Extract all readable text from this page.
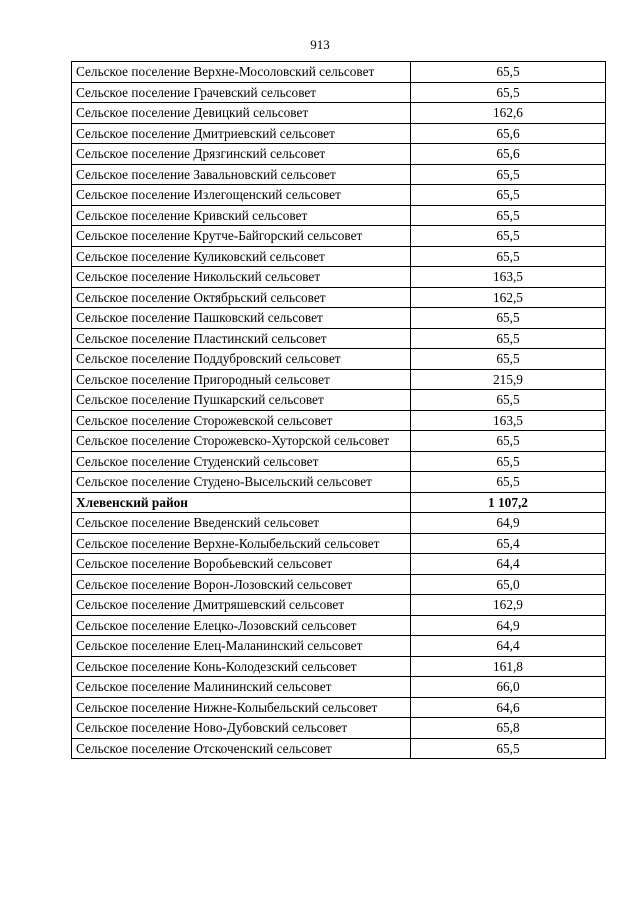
913
Сельское поселение Верхне-Мосоловский сельсовет	65,5
Сельское поселение Грачевский сельсовет	65,5
Сельское поселение Девицкий сельсовет	162,6
Сельское поселение Дмитриевский сельсовет	65,6
Сельское поселение Дрязгинский сельсовет	65,6
Сельское поселение Завальновский сельсовет	65,5
Сельское поселение Излегощенский сельсовет	65,5
Сельское поселение Кривский сельсовет	65,5
Сельское поселение Крутче-Байгорский сельсовет	65,5
Сельское поселение Куликовский сельсовет	65,5
Сельское поселение Никольский сельсовет	163,5
Сельское поселение Октябрьский сельсовет	162,5
Сельское поселение Пашковский сельсовет	65,5
Сельское поселение Пластинский сельсовет	65,5
Сельское поселение Поддубровский сельсовет	65,5
Сельское поселение Пригородный сельсовет	215,9
Сельское поселение Пушкарский сельсовет	65,5
Сельское поселение Сторожевской сельсовет	163,5
Сельское поселение Сторожевско-Хуторской сельсовет	65,5
Сельское поселение Студенский сельсовет	65,5
Сельское поселение Студено-Высельский сельсовет	65,5
Хлевенский район	1 107,2
Сельское поселение Введенский сельсовет	64,9
Сельское поселение Верхне-Колыбельский сельсовет	65,4
Сельское поселение Воробьевский сельсовет	64,4
Сельское поселение Ворон-Лозовский сельсовет	65,0
Сельское поселение Дмитряшевский сельсовет	162,9
Сельское поселение Елецко-Лозовский сельсовет	64,9
Сельское поселение Елец-Маланинский сельсовет	64,4
Сельское поселение Конь-Колодезский сельсовет	161,8
Сельское поселение Малининский сельсовет	66,0
Сельское поселение Нижне-Колыбельский сельсовет	64,6
Сельское поселение Ново-Дубовский сельсовет	65,8
Сельское поселение Отскоченский сельсовет	65,5
